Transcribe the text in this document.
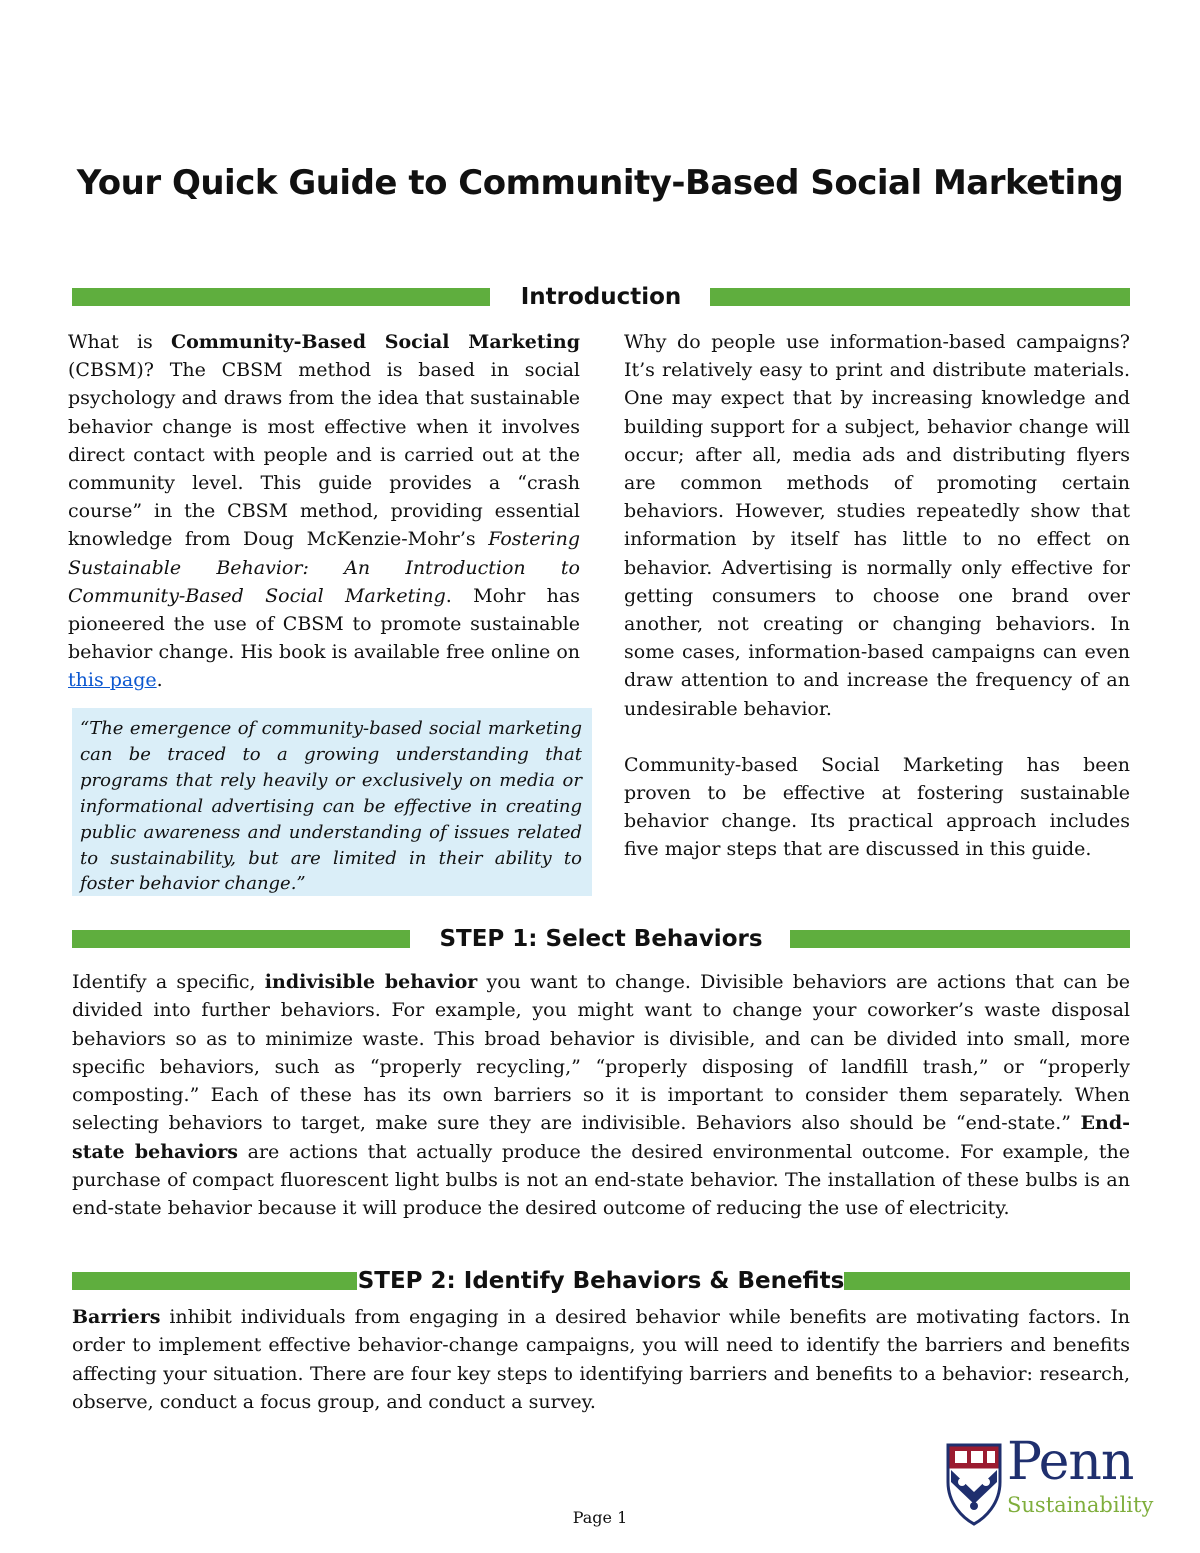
Your Quick Guide to Community-Based Social Marketing
Introduction

What is Community-Based Social Marketing (CBSM)? The CBSM method is based in social psychology and draws from the idea that sustainable behavior change is most effective when it involves direct contact with people and is carried out at the community level. This guide provides a “crash course” in the CBSM method, providing essential knowledge from Doug McKenzie-Mohr’s Fostering Sustainable Behavior: An Introduction to Community-Based Social Marketing. Mohr has pioneered the use of CBSM to promote sustainable behavior change. His book is available free online on this page.

“The emergence of community-based social marketing can be traced to a growing understanding that programs that rely heavily or exclusively on media or informational advertising can be effective in creating public awareness and understanding of issues related to sustainability, but are limited in their ability to foster behavior change.”

Why do people use information-based campaigns? It’s relatively easy to print and distribute materials. One may expect that by increasing knowledge and building support for a subject, behavior change will occur; after all, media ads and distributing flyers are common methods of promoting certain behaviors. However, studies repeatedly show that information by itself has little to no effect on behavior. Advertising is normally only effective for getting consumers to choose one brand over another, not creating or changing behaviors. In some cases, information-based campaigns can even draw attention to and increase the frequency of an undesirable behavior.

Community-based Social Marketing has been proven to be effective at fostering sustainable behavior change. Its practical approach includes five major steps that are discussed in this guide.

STEP 1: Select Behaviors

Identify a specific, indivisible behavior you want to change. Divisible behaviors are actions that can be divided into further behaviors. For example, you might want to change your coworker’s waste disposal behaviors so as to minimize waste. This broad behavior is divisible, and can be divided into small, more specific behaviors, such as “properly recycling,” “properly disposing of landfill trash,” or “properly composting.” Each of these has its own barriers so it is important to consider them separately. When selecting behaviors to target, make sure they are indivisible. Behaviors also should be “end-state.” End-state behaviors are actions that actually produce the desired environmental outcome. For example, the purchase of compact fluorescent light bulbs is not an end-state behavior. The installation of these bulbs is an end-state behavior because it will produce the desired outcome of reducing the use of electricity.

STEP 2: Identify Behaviors & Benefits

Barriers inhibit individuals from engaging in a desired behavior while benefits are motivating factors. In order to implement effective behavior-change campaigns, you will need to identify the barriers and benefits affecting your situation. There are four key steps to identifying barriers and benefits to a behavior: research, observe, conduct a focus group, and conduct a survey.

Page 1
Penn
Sustainability
